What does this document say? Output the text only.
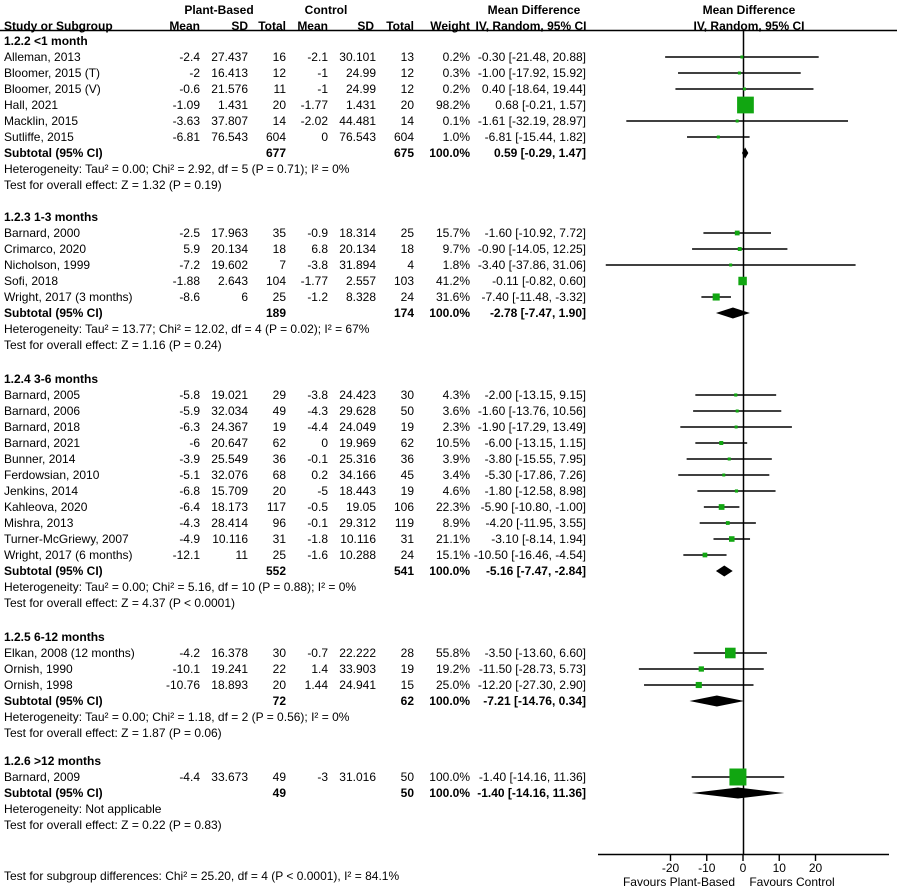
-20 -10 0 10 20
Favours Plant-Based Favours Control
Plant-Based	Control	Mean Difference	Mean Difference
Study or Subgroup	Mean	SD Total Mean	SD	Total	Weight IV, Random, 95% CI	IV, Random, 95% CI
1.2.2 <1 month
Alleman, 2013	-2.4 27.437	16	-2.1 30.101	13	0.2% -0.30 [-21.48, 20.88]
Bloomer, 2015 (T)	-2 16.413	12	-1	24.99	12	0.3% -1.00 [-17.92, 15.92]
Bloomer, 2015 (V)	-0.6 21.576	11	-1	24.99	12	0.2% 0.40 [-18.64, 19.44]
Hall, 2021	-1.09	1.431	20	-1.77	1.431	20	98.2%	0.68 [-0.21, 1.57]
Macklin, 2015	-3.63 37.807	14	-2.02 44.481	14	0.1% -1.61 [-32.19, 28.97]
Sutliffe, 2015	-6.81 76.543	604	0 76.543	604	1.0%	-6.81 [-15.44, 1.82]
Subtotal (95% CI)	677	675	100.0%	0.59 [-0.29, 1.47]
Heterogeneity: Tau² = 0.00; Chi² = 2.92, df = 5 (P = 0.71); I² = 0%
Test for overall effect: Z = 1.32 (P = 0.19)
1.2.3 1-3 months
Barnard, 2000	-2.5 17.963	35	-0.9 18.314	25	15.7%	-1.60 [-10.92, 7.72]
Crimarco, 2020	5.9 20.134	18	6.8 20.134	18	9.7% -0.90 [-14.05, 12.25]
Nicholson, 1999	-7.2 19.602	7	-3.8 31.894	4	1.8% -3.40 [-37.86, 31.06]
Sofi, 2018	-1.88	2.643	104	-1.77	2.557	103	41.2%	-0.11 [-0.82, 0.60]
Wright, 2017 (3 months)	-8.6	6	25	-1.2	8.328	24	31.6% -7.40 [-11.48, -3.32]
Subtotal (95% CI)	189	174	100.0%	-2.78 [-7.47, 1.90]
Heterogeneity: Tau² = 13.77; Chi² = 12.02, df = 4 (P = 0.02); I² = 67%
Test for overall effect: Z = 1.16 (P = 0.24)
1.2.4 3-6 months
Barnard, 2005	-5.8 19.021	29	-3.8 24.423	30	4.3%	-2.00 [-13.15, 9.15]
Barnard, 2006	-5.9 32.034	49	-4.3 29.628	50	3.6% -1.60 [-13.76, 10.56]
Barnard, 2018	-6.3 24.367	19	-4.4 24.049	19	2.3% -1.90 [-17.29, 13.49]
Barnard, 2021	-6 20.647	62	0 19.969	62	10.5%	-6.00 [-13.15, 1.15]
Bunner, 2014	-3.9 25.549	36	-0.1 25.316	36	3.9%	-3.80 [-15.55, 7.95]
Ferdowsian, 2010	-5.1 32.076	68	0.2 34.166	45	3.4%	-5.30 [-17.86, 7.26]
Jenkins, 2014	-6.8 15.709	20	-5 18.443	19	4.6%	-1.80 [-12.58, 8.98]
Kahleova, 2020	-6.4 18.173	117	-0.5	19.05	106	22.3% -5.90 [-10.80, -1.00]
Mishra, 2013	-4.3 28.414	96	-0.1 29.312	119	8.9%	-4.20 [-11.95, 3.55]
Turner-McGriewy, 2007	-4.9	10.116	31	-1.8	10.116	31	21.1%	-3.10 [-8.14, 1.94]
Wright, 2017 (6 months)	-12.1	11	25	-1.6 10.288	24	15.1% -10.50 [-16.46, -4.54]
Subtotal (95% CI)	552	541	100.0%	-5.16 [-7.47, -2.84]
Heterogeneity: Tau² = 0.00; Chi² = 5.16, df = 10 (P = 0.88); I² = 0%
Test for overall effect: Z = 4.37 (P < 0.0001)
1.2.5 6-12 months
Elkan, 2008 (12 months)	-4.2 16.378	30	-0.7 22.222	28	55.8%	-3.50 [-13.60, 6.60]
Ornish, 1990	-10.1 19.241	22	1.4 33.903	19	19.2% -11.50 [-28.73, 5.73]
Ornish, 1998	-10.76 18.893	20	1.44 24.941	15	25.0% -12.20 [-27.30, 2.90]
Subtotal (95% CI)	72	62	100.0%	-7.21 [-14.76, 0.34]
Heterogeneity: Tau² = 0.00; Chi² = 1.18, df = 2 (P = 0.56); I² = 0%
Test for overall effect: Z = 1.87 (P = 0.06)
1.2.6 >12 months
Barnard, 2009	-4.4 33.673	49	-3 31.016	50	100.0% -1.40 [-14.16, 11.36]
Subtotal (95% CI)	49	50	100.0% -1.40 [-14.16, 11.36]
Heterogeneity: Not applicable
Test for overall effect: Z = 0.22 (P = 0.83)
Test for subgroup differences: Chi² = 25.20, df = 4 (P < 0.0001), I² = 84.1%
